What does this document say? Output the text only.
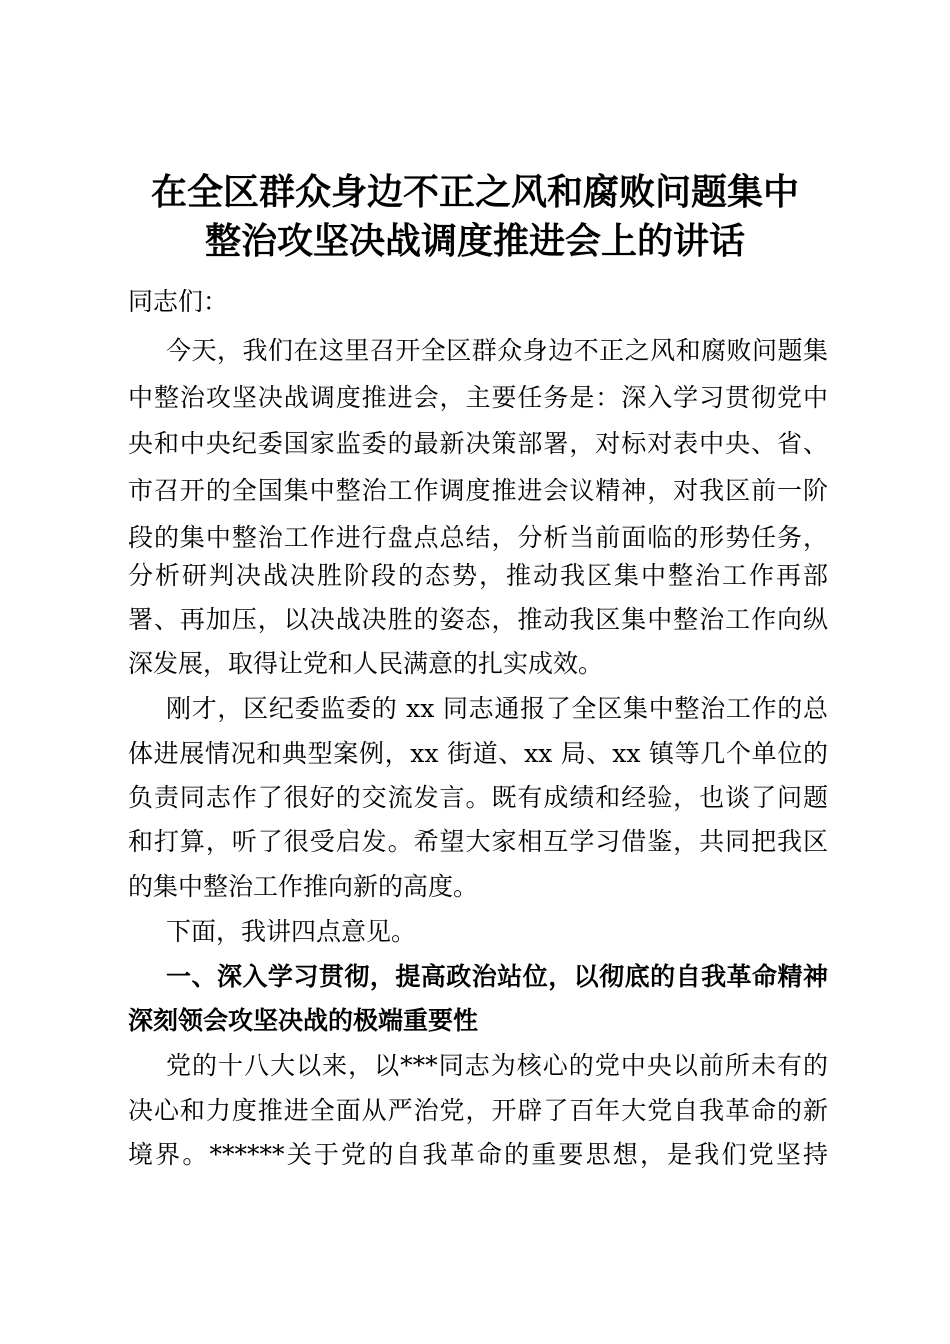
在全区群众身边不正之风和腐败问题集中
整治攻坚决战调度推进会上的讲话
同志们：
今天，我们在这里召开全区群众身边不正之风和腐败问题集
中整治攻坚决战调度推进会，主要任务是：深入学习贯彻党中
央和中央纪委国家监委的最新决策部署，对标对表中央、省、
市召开的全国集中整治工作调度推进会议精神，对我区前一阶
段的集中整治工作进行盘点总结，分析当前面临的形势任务，
分析研判决战决胜阶段的态势，推动我区集中整治工作再部
署、再加压，以决战决胜的姿态，推动我区集中整治工作向纵
深发展，取得让党和人民满意的扎实成效。
刚才，区纪委监委的 xx 同志通报了全区集中整治工作的总
体进展情况和典型案例，xx 街道、xx 局、xx 镇等几个单位的
负责同志作了很好的交流发言。既有成绩和经验，也谈了问题
和打算，听了很受启发。希望大家相互学习借鉴，共同把我区
的集中整治工作推向新的高度。
下面，我讲四点意见。
一、深入学习贯彻，提高政治站位，以彻底的自我革命精神
深刻领会攻坚决战的极端重要性
党的十八大以来，以***同志为核心的党中央以前所未有的
决心和力度推进全面从严治党，开辟了百年大党自我革命的新
境界。******关于党的自我革命的重要思想，是我们党坚持
